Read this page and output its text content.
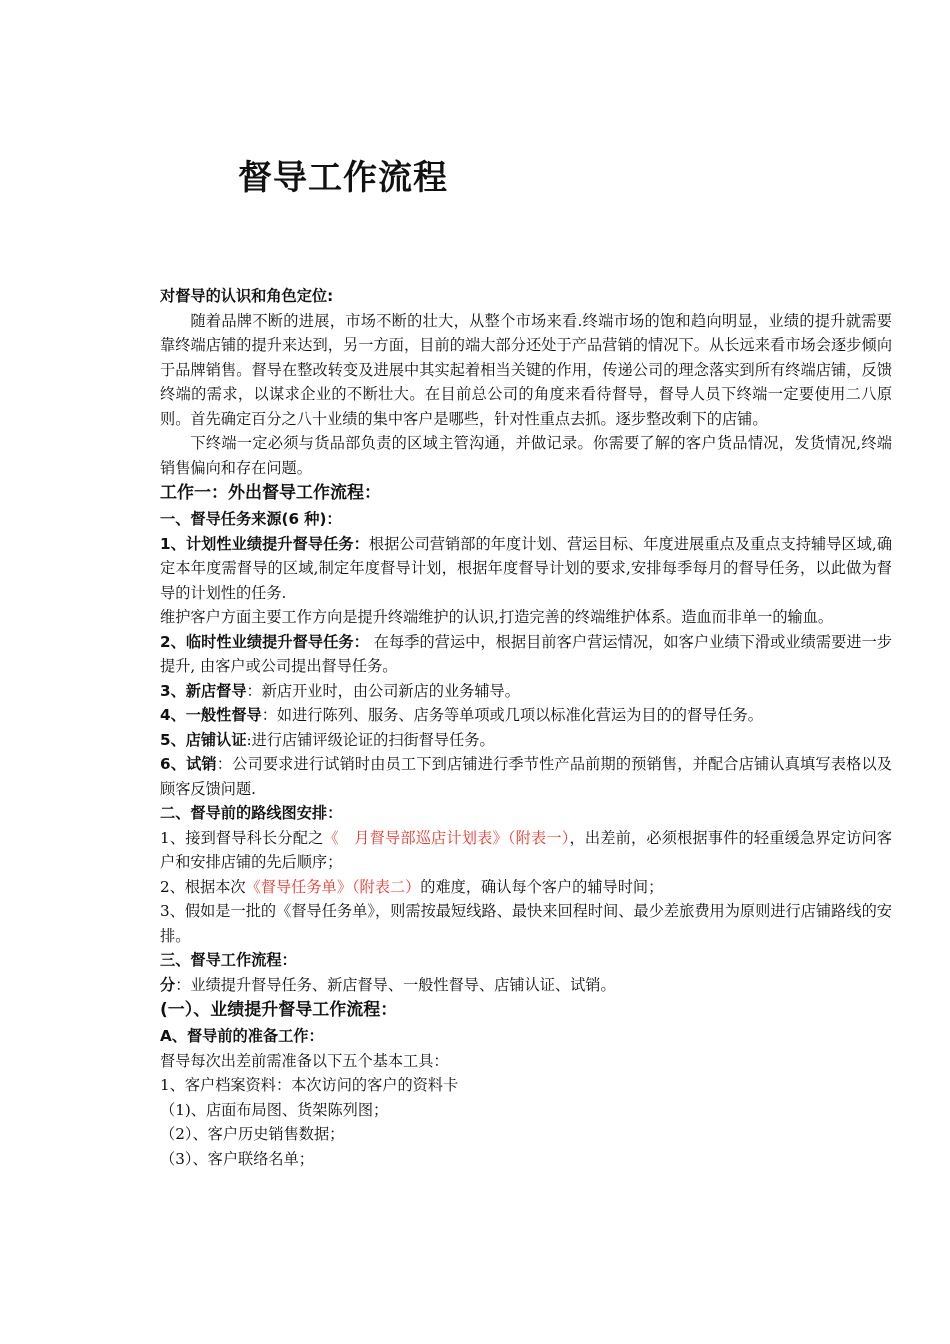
督导工作流程

对督导的认识和角色定位:

随着品牌不断的进展，市场不断的壮大，从整个市场来看.终端市场的饱和趋向明显，业绩的提升就需要靠终端店铺的提升来达到，另一方面，目前的端大部分还处于产品营销的情况下。从长远来看市场会逐步倾向于品牌销售。督导在整改转变及进展中其实起着相当关键的作用，传递公司的理念落实到所有终端店铺，反馈终端的需求，以谋求企业的不断壮大。在目前总公司的角度来看待督导，督导人员下终端一定要使用二八原则。首先确定百分之八十业绩的集中客户是哪些，针对性重点去抓。逐步整改剩下的店铺。

下终端一定必须与货品部负责的区域主管沟通，并做记录。你需要了解的客户货品情况，发货情况,终端销售偏向和存在问题。

工作一：外出督导工作流程：

一、督导任务来源(6 种)：

1、计划性业绩提升督导任务：根据公司营销部的年度计划、营运目标、年度进展重点及重点支持辅导区域,确定本年度需督导的区域,制定年度督导计划，根据年度督导计划的要求,安排每季每月的督导任务，以此做为督导的计划性的任务.

维护客户方面主要工作方向是提升终端维护的认识,打造完善的终端维护体系。造血而非单一的输血。

2、临时性业绩提升督导任务： 在每季的营运中，根据目前客户营运情况，如客户业绩下滑或业绩需要进一步提升, 由客户或公司提出督导任务。

3、新店督导：新店开业时，由公司新店的业务辅导。

4、一般性督导：如进行陈列、服务、店务等单项或几项以标准化营运为目的的督导任务。

5、店铺认证:进行店铺评级论证的扫街督导任务。

6、试销：公司要求进行试销时由员工下到店铺进行季节性产品前期的预销售，并配合店铺认真填写表格以及顾客反馈问题.

二、督导前的路线图安排：

1、接到督导科长分配之《　月督导部巡店计划表》（附表一），出差前，必须根据事件的轻重缓急界定访问客户和安排店铺的先后顺序；

2、根据本次《督导任务单》（附表二）的难度，确认每个客户的辅导时间；

3、假如是一批的《督导任务单》，则需按最短线路、最快来回程时间、最少差旅费用为原则进行店铺路线的安排。

三、督导工作流程：

分：业绩提升督导任务、新店督导、一般性督导、店铺认证、试销。

(一）、业绩提升督导工作流程：

A、督导前的准备工作：

督导每次出差前需准备以下五个基本工具：

1、客户档案资料：本次访问的客户的资料卡

（1)、店面布局图、货架陈列图；

（2）、客户历史销售数据；

（3）、客户联络名单；
